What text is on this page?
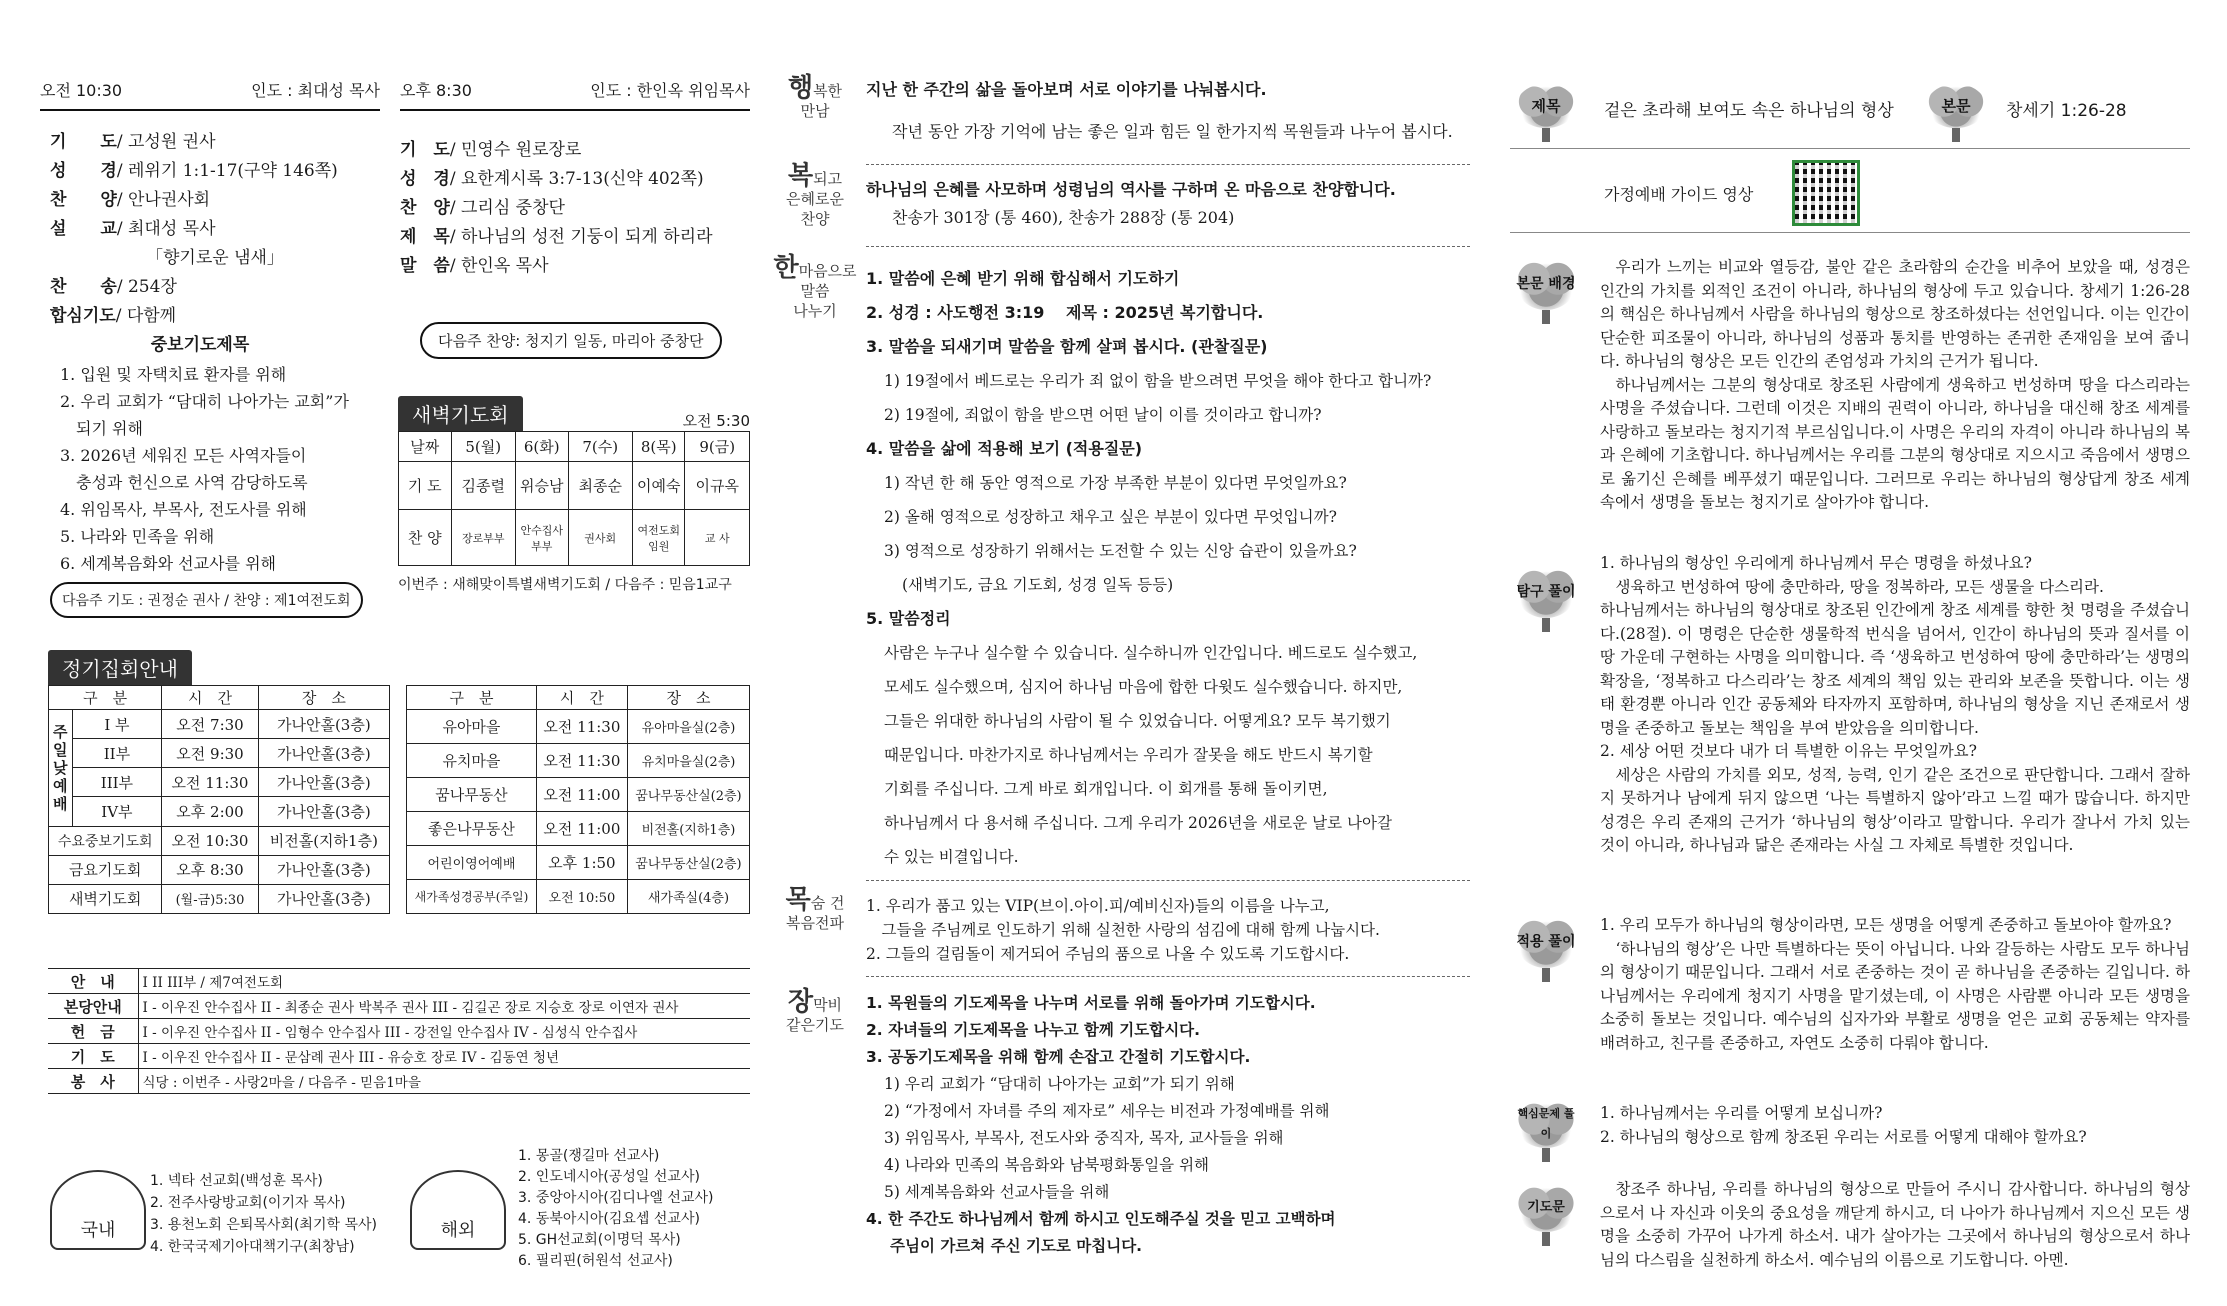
오전 10:30	인도 : 최대성 목사 오후 8:30	인도 : 한인옥 위임목사
기　　도/ 고성원 권사
성　　경/ 레위기 1:1-17(구약 146쪽)
찬　　양/ 안나권사회
설　　교/ 최대성 목사
「향기로운 냄새」
찬　　송/ 254장
합심기도/ 다함께
기　도/ 민영수 원로장로
성　경/ 요한계시록 3:7-13(신약 402쪽)
찬　양/ 그리심 중창단
제　목/ 하나님의 성전 기둥이 되게 하리라
말　씀/ 한인옥 목사
다음주 찬양: 청지기 일동, 마리아 중창단
중보기도제목
1. 입원 및 자택치료 환자를 위해
2. 우리 교회가 “담대히 나아가는 교회”가
　되기 위해
3. 2026년 세워진 모든 사역자들이
　충성과 헌신으로 사역 감당하도록
4. 위임목사, 부목사, 전도사를 위해
5. 나라와 민족을 위해
6. 세계복음화와 선교사를 위해
다음주 기도 : 권정순 권사 / 찬양 : 제1여전도회
새벽기도회	오전 5:30
날짜	5(월)	6(화)	7(수)	8(목)	9(금)
기 도	김종렬	위승남	최종순	이예숙	이규옥
찬 양	장로부부	안수집사 부부	권사회	여전도회 임원	교 사
이번주 : 새해맞이특별새벽기도회 / 다음주 : 믿음1교구
정기집회안내
구　분		시　간	장　소
주일낮예배	I 부	오전 7:30	가나안홀(3층)
	II부	오전 9:30	가나안홀(3층)
	III부	오전 11:30	가나안홀(3층)
	IV부	오후 2:00	가나안홀(3층)
수요중보기도회		오전 10:30	비전홀(지하1층)
금요기도회		오후 8:30	가나안홀(3층)
새벽기도회		(월-금)5:30	가나안홀(3층)
구　분	시　간	장　소
유아마을	오전 11:30	유아마을실(2층)
유치마을	오전 11:30	유치마을실(2층)
꿈나무동산	오전 11:00	꿈나무동산실(2층)
좋은나무동산	오전 11:00	비전홀(지하1층)
어린이영어예배	오후 1:50	꿈나무동산실(2층)
새가족성경공부(주일)	오전 10:50	새가족실(4층)
안　내	I II III부 / 제7여전도회
본당안내	I - 이우진 안수집사 II - 최종순 권사 박복주 권사 III - 김길곤 장로 지승호 장로 이연자 권사
헌　금	I - 이우진 안수집사 II - 임형수 안수집사 III - 강전일 안수집사 IV - 심성식 안수집사
기　도	I - 이우진 안수집사 II - 문삼례 권사 III - 유승호 장로 IV - 김동연 청년
봉　사	식당 : 이번주 - 사랑2마을 / 다음주 - 믿음1마을
국내
1. 넥타 선교회(백성훈 목사)
2. 전주사랑방교회(이기자 목사)
3. 용천노회 은퇴목사회(최기학 목사)
4. 한국국제기아대책기구(최창남)
해외
1. 몽골(쟁길마 선교사)
2. 인도네시아(공성일 선교사)
3. 중앙아시아(김디나엘 선교사)
4. 동북아시아(김요셉 선교사)
5. GH선교회(이명덕 목사)
6. 필리핀(허원석 선교사)
행복한
만남
지난 한 주간의 삶을 돌아보며 서로 이야기를 나눠봅시다.
작년 동안 가장 기억에 남는 좋은 일과 힘든 일 한가지씩 목원들과 나누어 봅시다.
복되고
은혜로운
찬양
하나님의 은혜를 사모하며 성령님의 역사를 구하며 온 마음으로 찬양합니다.
찬송가 301장 (통 460), 찬송가 288장 (통 204)
한마음으로
말씀
나누기
1. 말씀에 은혜 받기 위해 합심해서 기도하기
2. 성경 : 사도행전 3:19　 제목 : 2025년 복기합니다.
3. 말씀을 되새기며 말씀을 함께 살펴 봅시다. (관찰질문)
1) 19절에서 베드로는 우리가 죄 없이 함을 받으려면 무엇을 해야 한다고 합니까?
2) 19절에, 죄없이 함을 받으면 어떤 날이 이를 것이라고 합니까?
4. 말씀을 삶에 적용해 보기 (적용질문)
1) 작년 한 해 동안 영적으로 가장 부족한 부분이 있다면 무엇일까요?
2) 올해 영적으로 성장하고 채우고 싶은 부분이 있다면 무엇입니까?
3) 영적으로 성장하기 위해서는 도전할 수 있는 신앙 습관이 있을까요?
(새벽기도, 금요 기도회, 성경 일독 등등)
5. 말씀정리
사람은 누구나 실수할 수 있습니다. 실수하니까 인간입니다. 베드로도 실수했고,
모세도 실수했으며, 심지어 하나님 마음에 합한 다윗도 실수했습니다. 하지만,
그들은 위대한 하나님의 사람이 될 수 있었습니다. 어떻게요? 모두 복기했기
때문입니다. 마찬가지로 하나님께서는 우리가 잘못을 해도 반드시 복기할
기회를 주십니다. 그게 바로 회개입니다. 이 회개를 통해 돌이키면,
하나님께서 다 용서해 주십니다. 그게 우리가 2026년을 새로운 날로 나아갈
수 있는 비결입니다.
목숨 건
복음전파
1. 우리가 품고 있는 VIP(브이.아이.피/예비신자)들의 이름을 나누고,
　그들을 주님께로 인도하기 위해 실천한 사랑의 섬김에 대해 함께 나눕시다.
2. 그들의 걸림돌이 제거되어 주님의 품으로 나올 수 있도록 기도합시다.
장막비
같은기도
1. 목원들의 기도제목을 나누며 서로를 위해 돌아가며 기도합시다.
2. 자녀들의 기도제목을 나누고 함께 기도합시다.
3. 공동기도제목을 위해 함께 손잡고 간절히 기도합시다.
1) 우리 교회가 “담대히 나아가는 교회”가 되기 위해
2) “가정에서 자녀를 주의 제자로” 세우는 비전과 가정예배를 위해
3) 위임목사, 부목사, 전도사와 중직자, 목자, 교사들을 위해
4) 나라와 민족의 복음화와 남북평화통일을 위해
5) 세계복음화와 선교사들을 위해
4. 한 주간도 하나님께서 함께 하시고 인도해주실 것을 믿고 고백하며
주님이 가르쳐 주신 기도로 마칩니다.
제목	겉은 초라해 보여도 속은 하나님의 형상	본문 창세기 1:26-28
가정예배 가이드 영상
본문 배경

우리가 느끼는 비교와 열등감, 불안 같은 초라함의 순간을 비추어 보았을 때, 성경은 인간의 가치를 외적인 조건이 아니라, 하나님의 형상에 두고 있습니다. 창세기 1:26-28의 핵심은 하나님께서 사람을 하나님의 형상으로 창조하셨다는 선언입니다. 이는 인간이 단순한 피조물이 아니라, 하나님의 성품과 통치를 반영하는 존귀한 존재임을 보여 줍니다. 하나님의 형상은 모든 인간의 존엄성과 가치의 근거가 됩니다.

하나님께서는 그분의 형상대로 창조된 사람에게 생육하고 번성하며 땅을 다스리라는 사명을 주셨습니다. 그런데 이것은 지배의 권력이 아니라, 하나님을 대신해 창조 세계를 사랑하고 돌보라는 청지기적 부르심입니다.이 사명은 우리의 자격이 아니라 하나님의 복과 은혜에 기초합니다. 하나님께서는 우리를 그분의 형상대로 지으시고 죽음에서 생명으로 옮기신 은혜를 베푸셨기 때문입니다. 그러므로 우리는 하나님의 형상답게 창조 세계 속에서 생명을 돌보는 청지기로 살아가야 합니다.

탐구 풀이
1. 하나님의 형상인 우리에게 하나님께서 무슨 명령을 하셨나요?

생육하고 번성하여 땅에 충만하라, 땅을 정복하라, 모든 생물을 다스리라.

하나님께서는 하나님의 형상대로 창조된 인간에게 창조 세계를 향한 첫 명령을 주셨습니다.(28절). 이 명령은 단순한 생물학적 번식을 넘어서, 인간이 하나님의 뜻과 질서를 이 땅 가운데 구현하는 사명을 의미합니다. 즉 ‘생육하고 번성하여 땅에 충만하라’는 생명의 확장을, ‘정복하고 다스리라’는 창조 세계의 책임 있는 관리와 보존을 뜻합니다. 이는 생태 환경뿐 아니라 인간 공동체와 타자까지 포함하며, 하나님의 형상을 지닌 존재로서 생명을 존중하고 돌보는 책임을 부여 받았음을 의미합니다.
2. 세상 어떤 것보다 내가 더 특별한 이유는 무엇일까요?

세상은 사람의 가치를 외모, 성적, 능력, 인기 같은 조건으로 판단합니다. 그래서 잘하지 못하거나 남에게 뒤지 않으면 ‘나는 특별하지 않아’라고 느낄 때가 많습니다. 하지만 성경은 우리 존재의 근거가 ‘하나님의 형상’이라고 말합니다. 우리가 잘나서 가치 있는 것이 아니라, 하나님과 닮은 존재라는 사실 그 자체로 특별한 것입니다.

적용 풀이
1. 우리 모두가 하나님의 형상이라면, 모든 생명을 어떻게 존중하고 돌보아야 할까요?

‘하나님의 형상’은 나만 특별하다는 뜻이 아닙니다. 나와 갈등하는 사람도 모두 하나님의 형상이기 때문입니다. 그래서 서로 존중하는 것이 곧 하나님을 존중하는 길입니다. 하나님께서는 우리에게 청지기 사명을 맡기셨는데, 이 사명은 사람뿐 아니라 모든 생명을 소중히 돌보는 것입니다. 예수님의 십자가와 부활로 생명을 얻은 교회 공동체는 약자를 배려하고, 친구를 존중하고, 자연도 소중히 다뤄야 합니다.

핵심문제 풀이
1. 하나님께서는 우리를 어떻게 보십니까?
2. 하나님의 형상으로 함께 창조된 우리는 서로를 어떻게 대해야 할까요?
기도문

창조주 하나님, 우리를 하나님의 형상으로 만들어 주시니 감사합니다. 하나님의 형상으로서 나 자신과 이웃의 중요성을 깨닫게 하시고, 더 나아가 하나님께서 지으신 모든 생명을 소중히 가꾸어 나가게 하소서. 내가 살아가는 그곳에서 하나님의 형상으로서 하나님의 다스림을 실천하게 하소서. 예수님의 이름으로 기도합니다. 아멘.
